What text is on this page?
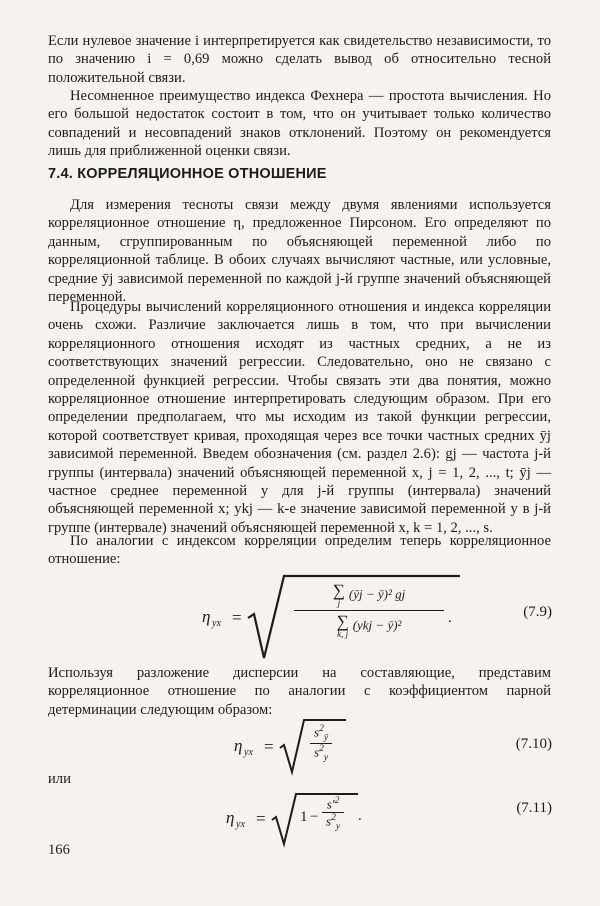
Если нулевое значение i интерпретируется как свидетельство независимости, то по значению i = 0,69 можно сделать вывод об относительно тесной положительной связи.

Несомненное преимущество индекса Фехнера — простота вычисления. Но его большой недостаток состоит в том, что он учитывает только количество совпадений и несовпадений знаков отклонений. Поэтому он рекомендуется лишь для приближенной оценки связи.

7.4. КОРРЕЛЯЦИОННОЕ ОТНОШЕНИЕ

Для измерения тесноты связи между двумя явлениями используется корреляционное отношение η, предложенное Пирсоном. Его определяют по данным, сгруппированным по объясняющей переменной либо по корреляционной таблице. В обоих случаях вычисляют частные, или условные, средние ȳj зависимой переменной по каждой j-й группе значений объясняющей переменной.

Процедуры вычислений корреляционного отношения и индекса корреляции очень схожи. Различие заключается лишь в том, что при вычислении корреляционного отношения исходят из частных средних, а не из соответствующих значений регрессии. Следовательно, оно не связано с определенной функцией регрессии. Чтобы связать эти два понятия, можно корреляционное отношение интерпретировать следующим образом. При его определении предполагаем, что мы исходим из такой функции регрессии, которой соответствует кривая, проходящая через все точки частных средних ȳj зависимой переменной. Введем обозначения (см. раздел 2.6): gj — частота j-й группы (интервала) значений объясняющей переменной x, j = 1, 2, ..., t; ȳj — частное среднее переменной y для j-й группы (интервала) значений объясняющей переменной x; ykj — k-е значение зависимой переменной y в j-й группе (интервале) значений объясняющей переменной x, k = 1, 2, ..., s.

По аналогии с индексом корреляции определим теперь корреляционное отношение:

η yx =
∑
j
(ȳj − ȳ)² gj
∑
k, j
(ykj − ȳ)²	.	(7.9)

Используя разложение дисперсии на составляющие, представим корреляционное отношение по аналогии с коэффициентом парной детерминации следующим образом:

η yx =	$\frac{s^2_ȳ}{s^2_y}$	(7.10)
или
η yx = $1 - \frac{s'^2}{s^2_y}$ .	(7.11)
166
